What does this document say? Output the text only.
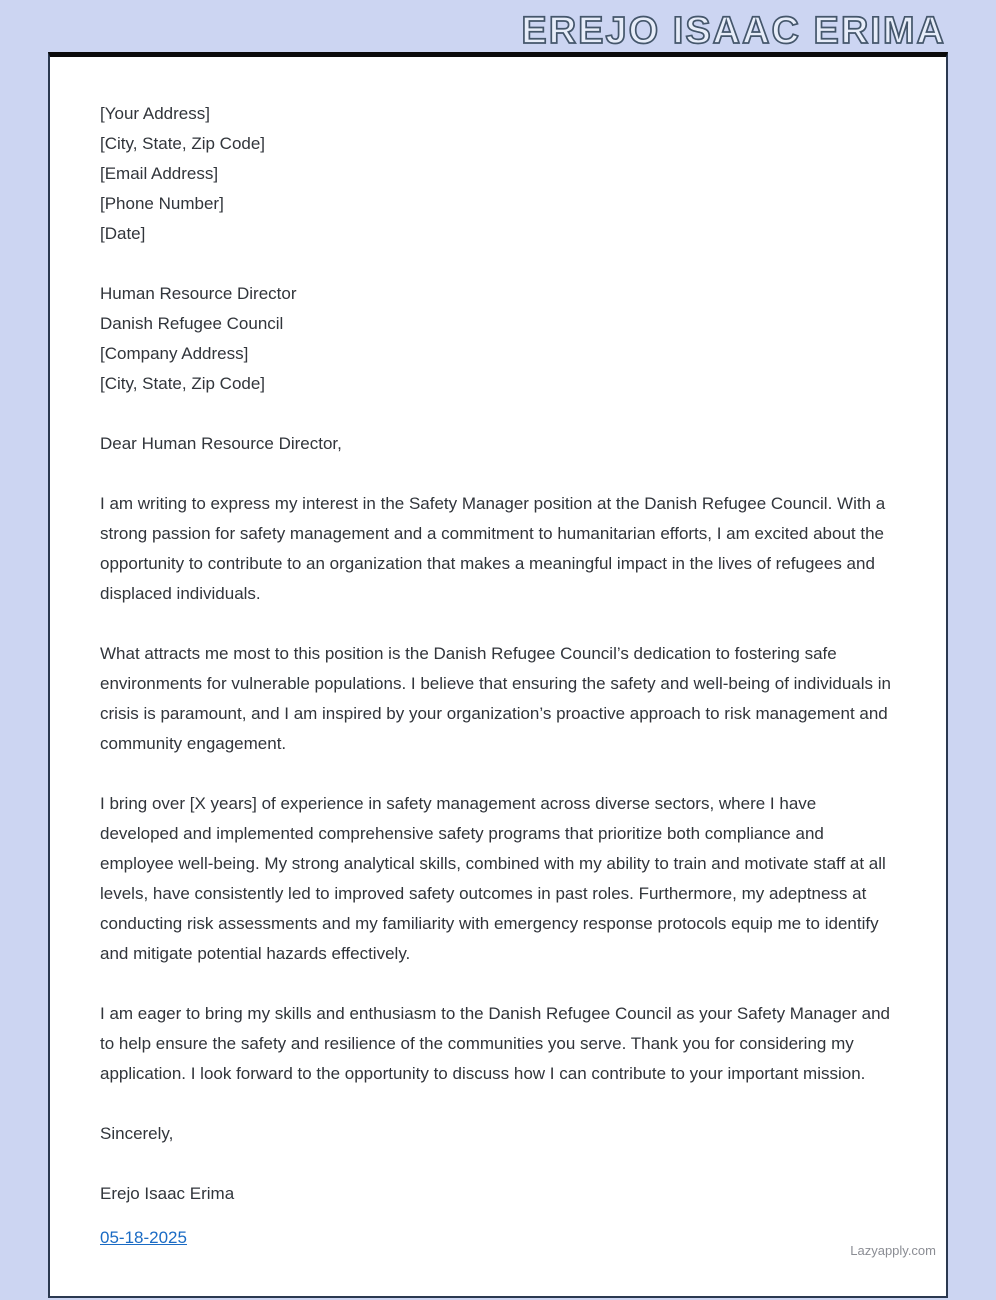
EREJO ISAAC ERIMA

[Your Address]

[City, State, Zip Code]

[Email Address]

[Phone Number]

[Date]

Human Resource Director

Danish Refugee Council

[Company Address]

[City, State, Zip Code]

Dear Human Resource Director,

I am writing to express my interest in the Safety Manager position at the Danish Refugee Council. With a strong passion for safety management and a commitment to humanitarian efforts, I am excited about the opportunity to contribute to an organization that makes a meaningful impact in the lives of refugees and displaced individuals.

What attracts me most to this position is the Danish Refugee Council’s dedication to fostering safe environments for vulnerable populations. I believe that ensuring the safety and well-being of individuals in crisis is paramount, and I am inspired by your organization’s proactive approach to risk management and community engagement.

I bring over [X years] of experience in safety management across diverse sectors, where I have developed and implemented comprehensive safety programs that prioritize both compliance and employee well-being. My strong analytical skills, combined with my ability to train and motivate staff at all levels, have consistently led to improved safety outcomes in past roles. Furthermore, my adeptness at conducting risk assessments and my familiarity with emergency response protocols equip me to identify and mitigate potential hazards effectively.

I am eager to bring my skills and enthusiasm to the Danish Refugee Council as your Safety Manager and to help ensure the safety and resilience of the communities you serve. Thank you for considering my application. I look forward to the opportunity to discuss how I can contribute to your important mission.

Sincerely,

Erejo Isaac Erima

05-18-2025
Lazyapply.com
